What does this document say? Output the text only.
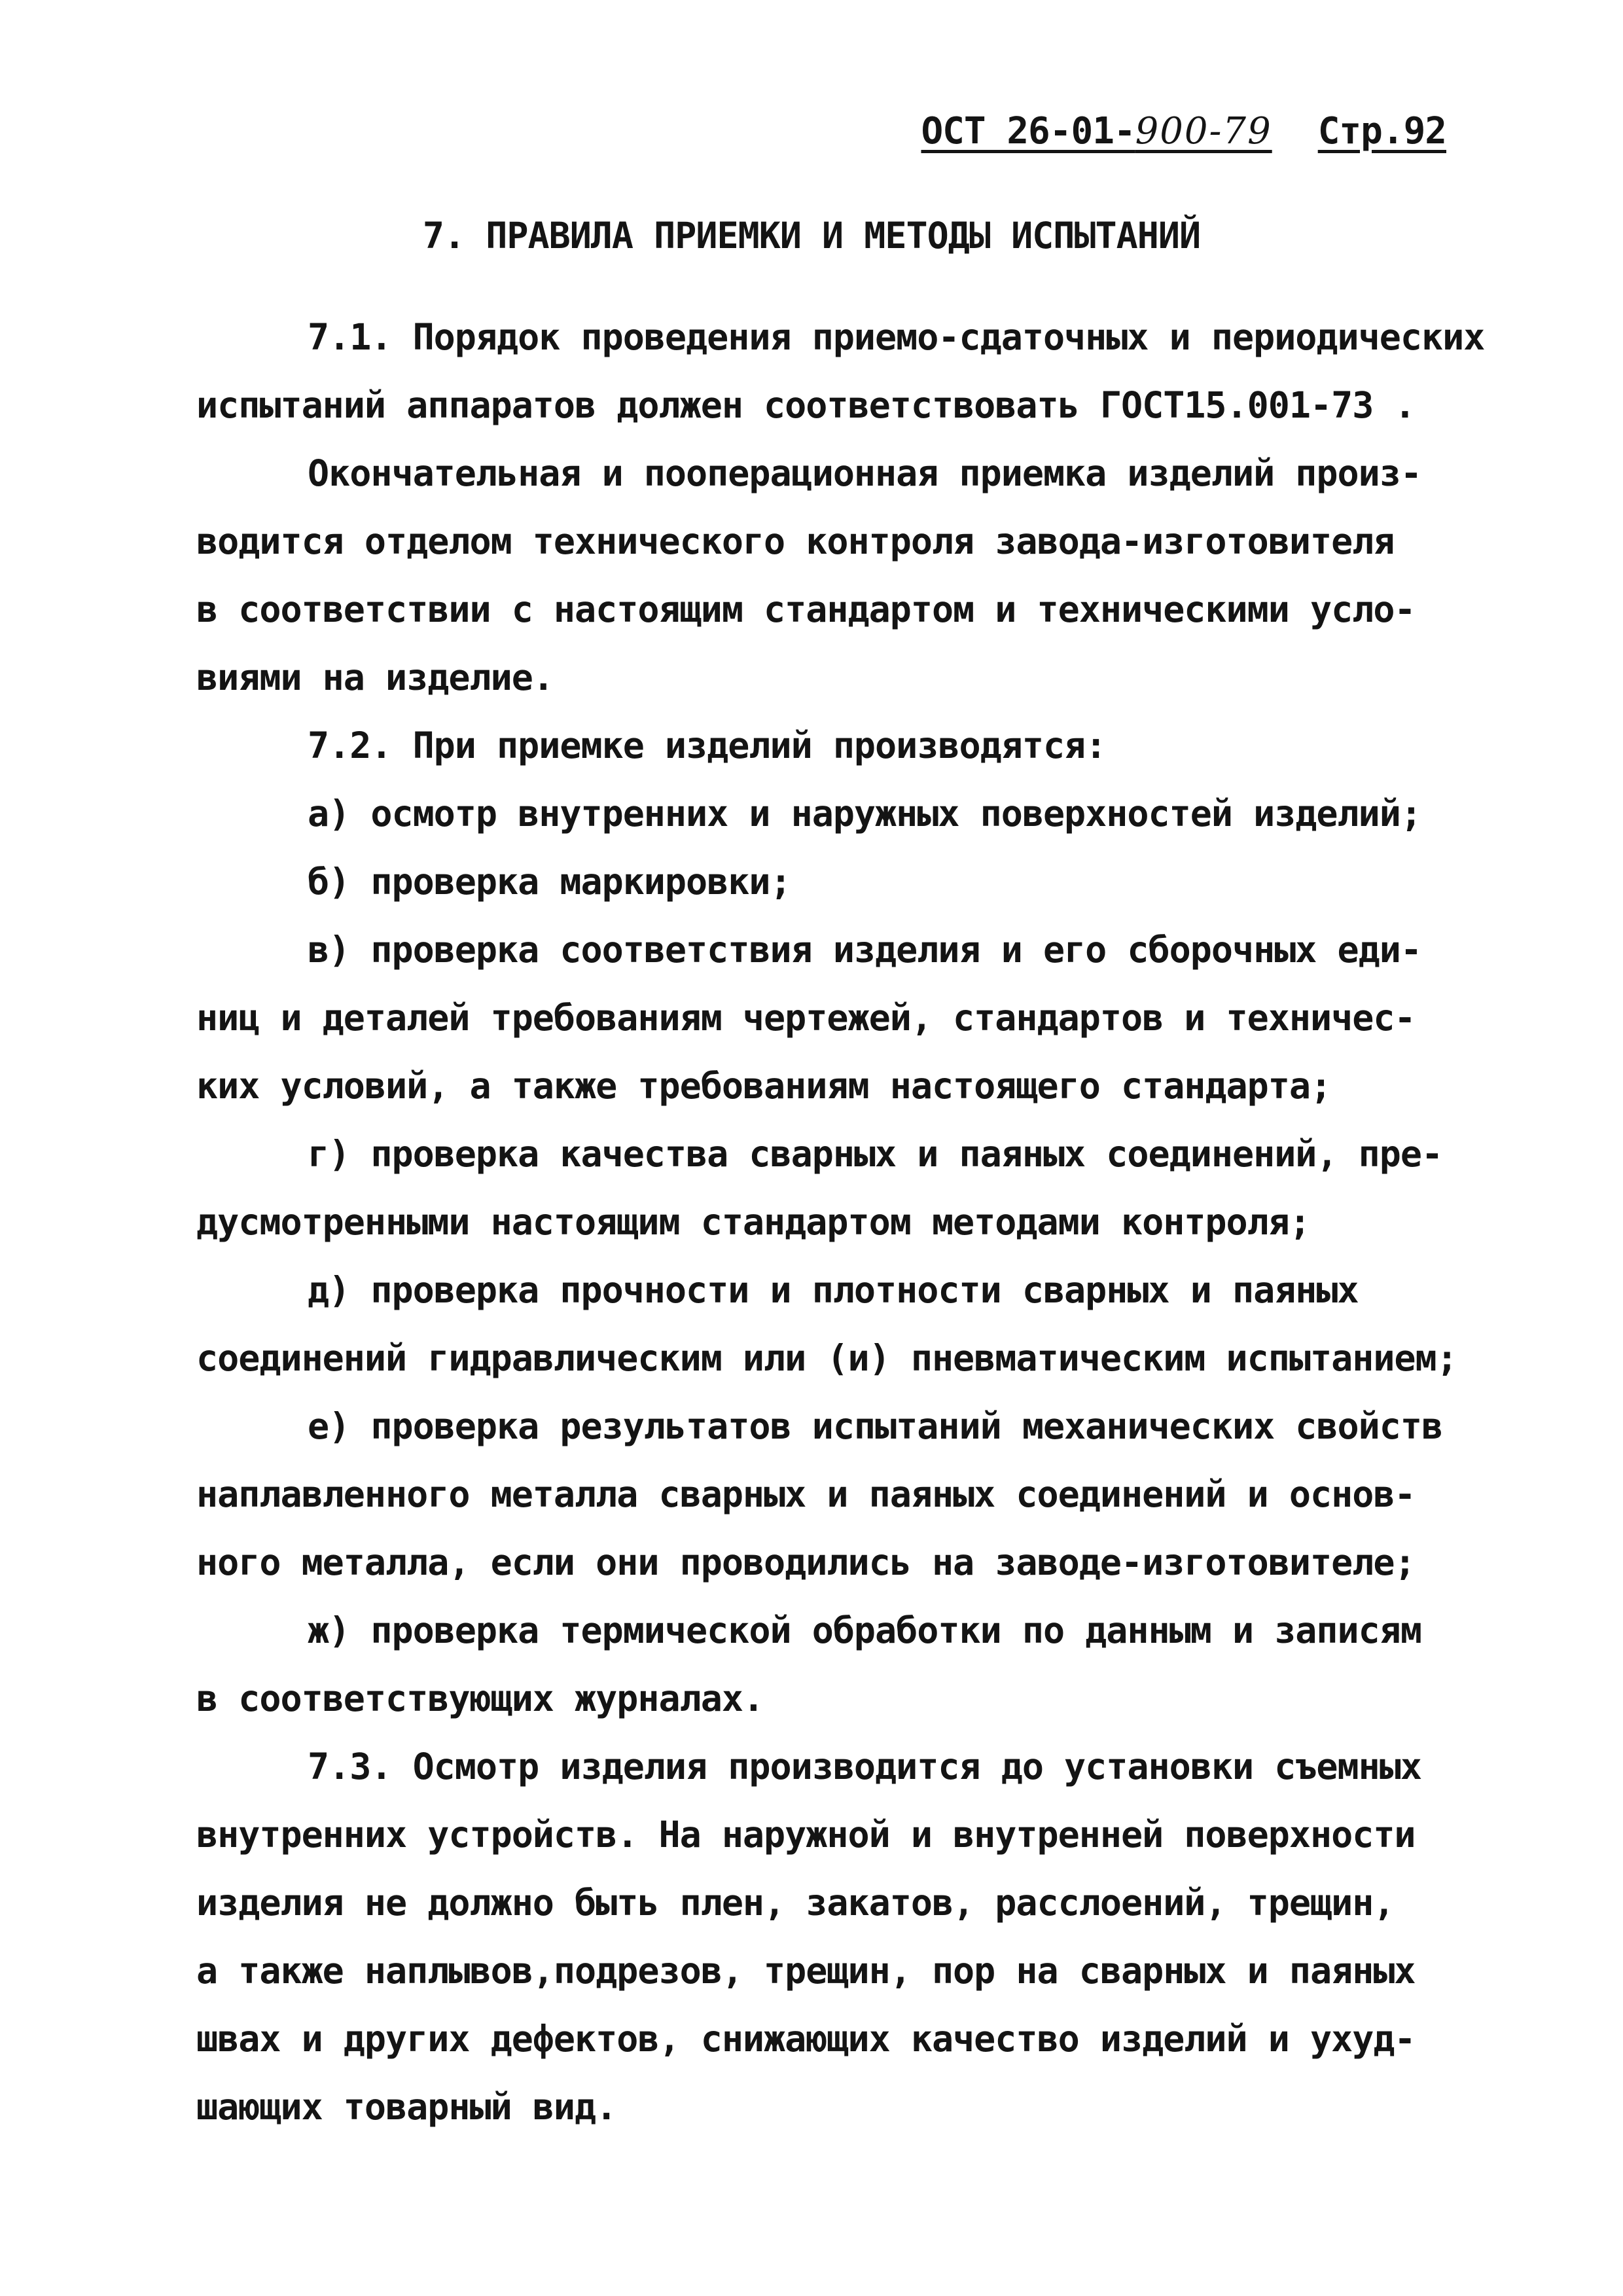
ОСТ 26-01-900-79 Стр.92
7. ПРАВИЛА ПРИЕМКИ И МЕТОДЫ ИСПЫТАНИЙ
7.1. Порядок проведения приемо-сдаточных и периодических
испытаний аппаратов должен соответствовать ГОСТ15.001-73 .
Окончательная и пооперационная приемка изделий произ-
водится отделом технического контроля завода-изготовителя
в соответствии с настоящим стандартом и техническими усло-
виями на изделие.
7.2. При приемке изделий производятся:
а) осмотр внутренних и наружных поверхностей изделий;
б) проверка маркировки;
в) проверка соответствия изделия и его сборочных еди-
ниц и деталей требованиям чертежей, стандартов и техничес-
ких условий, а также требованиям настоящего стандарта;
г) проверка качества сварных и паяных соединений, пре-
дусмотренными настоящим стандартом методами контроля;
д) проверка прочности и плотности сварных и паяных
соединений гидравлическим или (и) пневматическим испытанием;
е) проверка результатов испытаний механических свойств
наплавленного металла сварных и паяных соединений и основ-
ного металла, если они проводились на заводе-изготовителе;
ж) проверка термической обработки по данным и записям
в соответствующих журналах.
7.3. Осмотр изделия производится до установки съемных
внутренних устройств. На наружной и внутренней поверхности
изделия не должно быть плен, закатов, расслоений, трещин,
а также наплывов,подрезов, трещин, пор на сварных и паяных
швах и других дефектов, снижающих качество изделий и ухуд-
шающих товарный вид.
